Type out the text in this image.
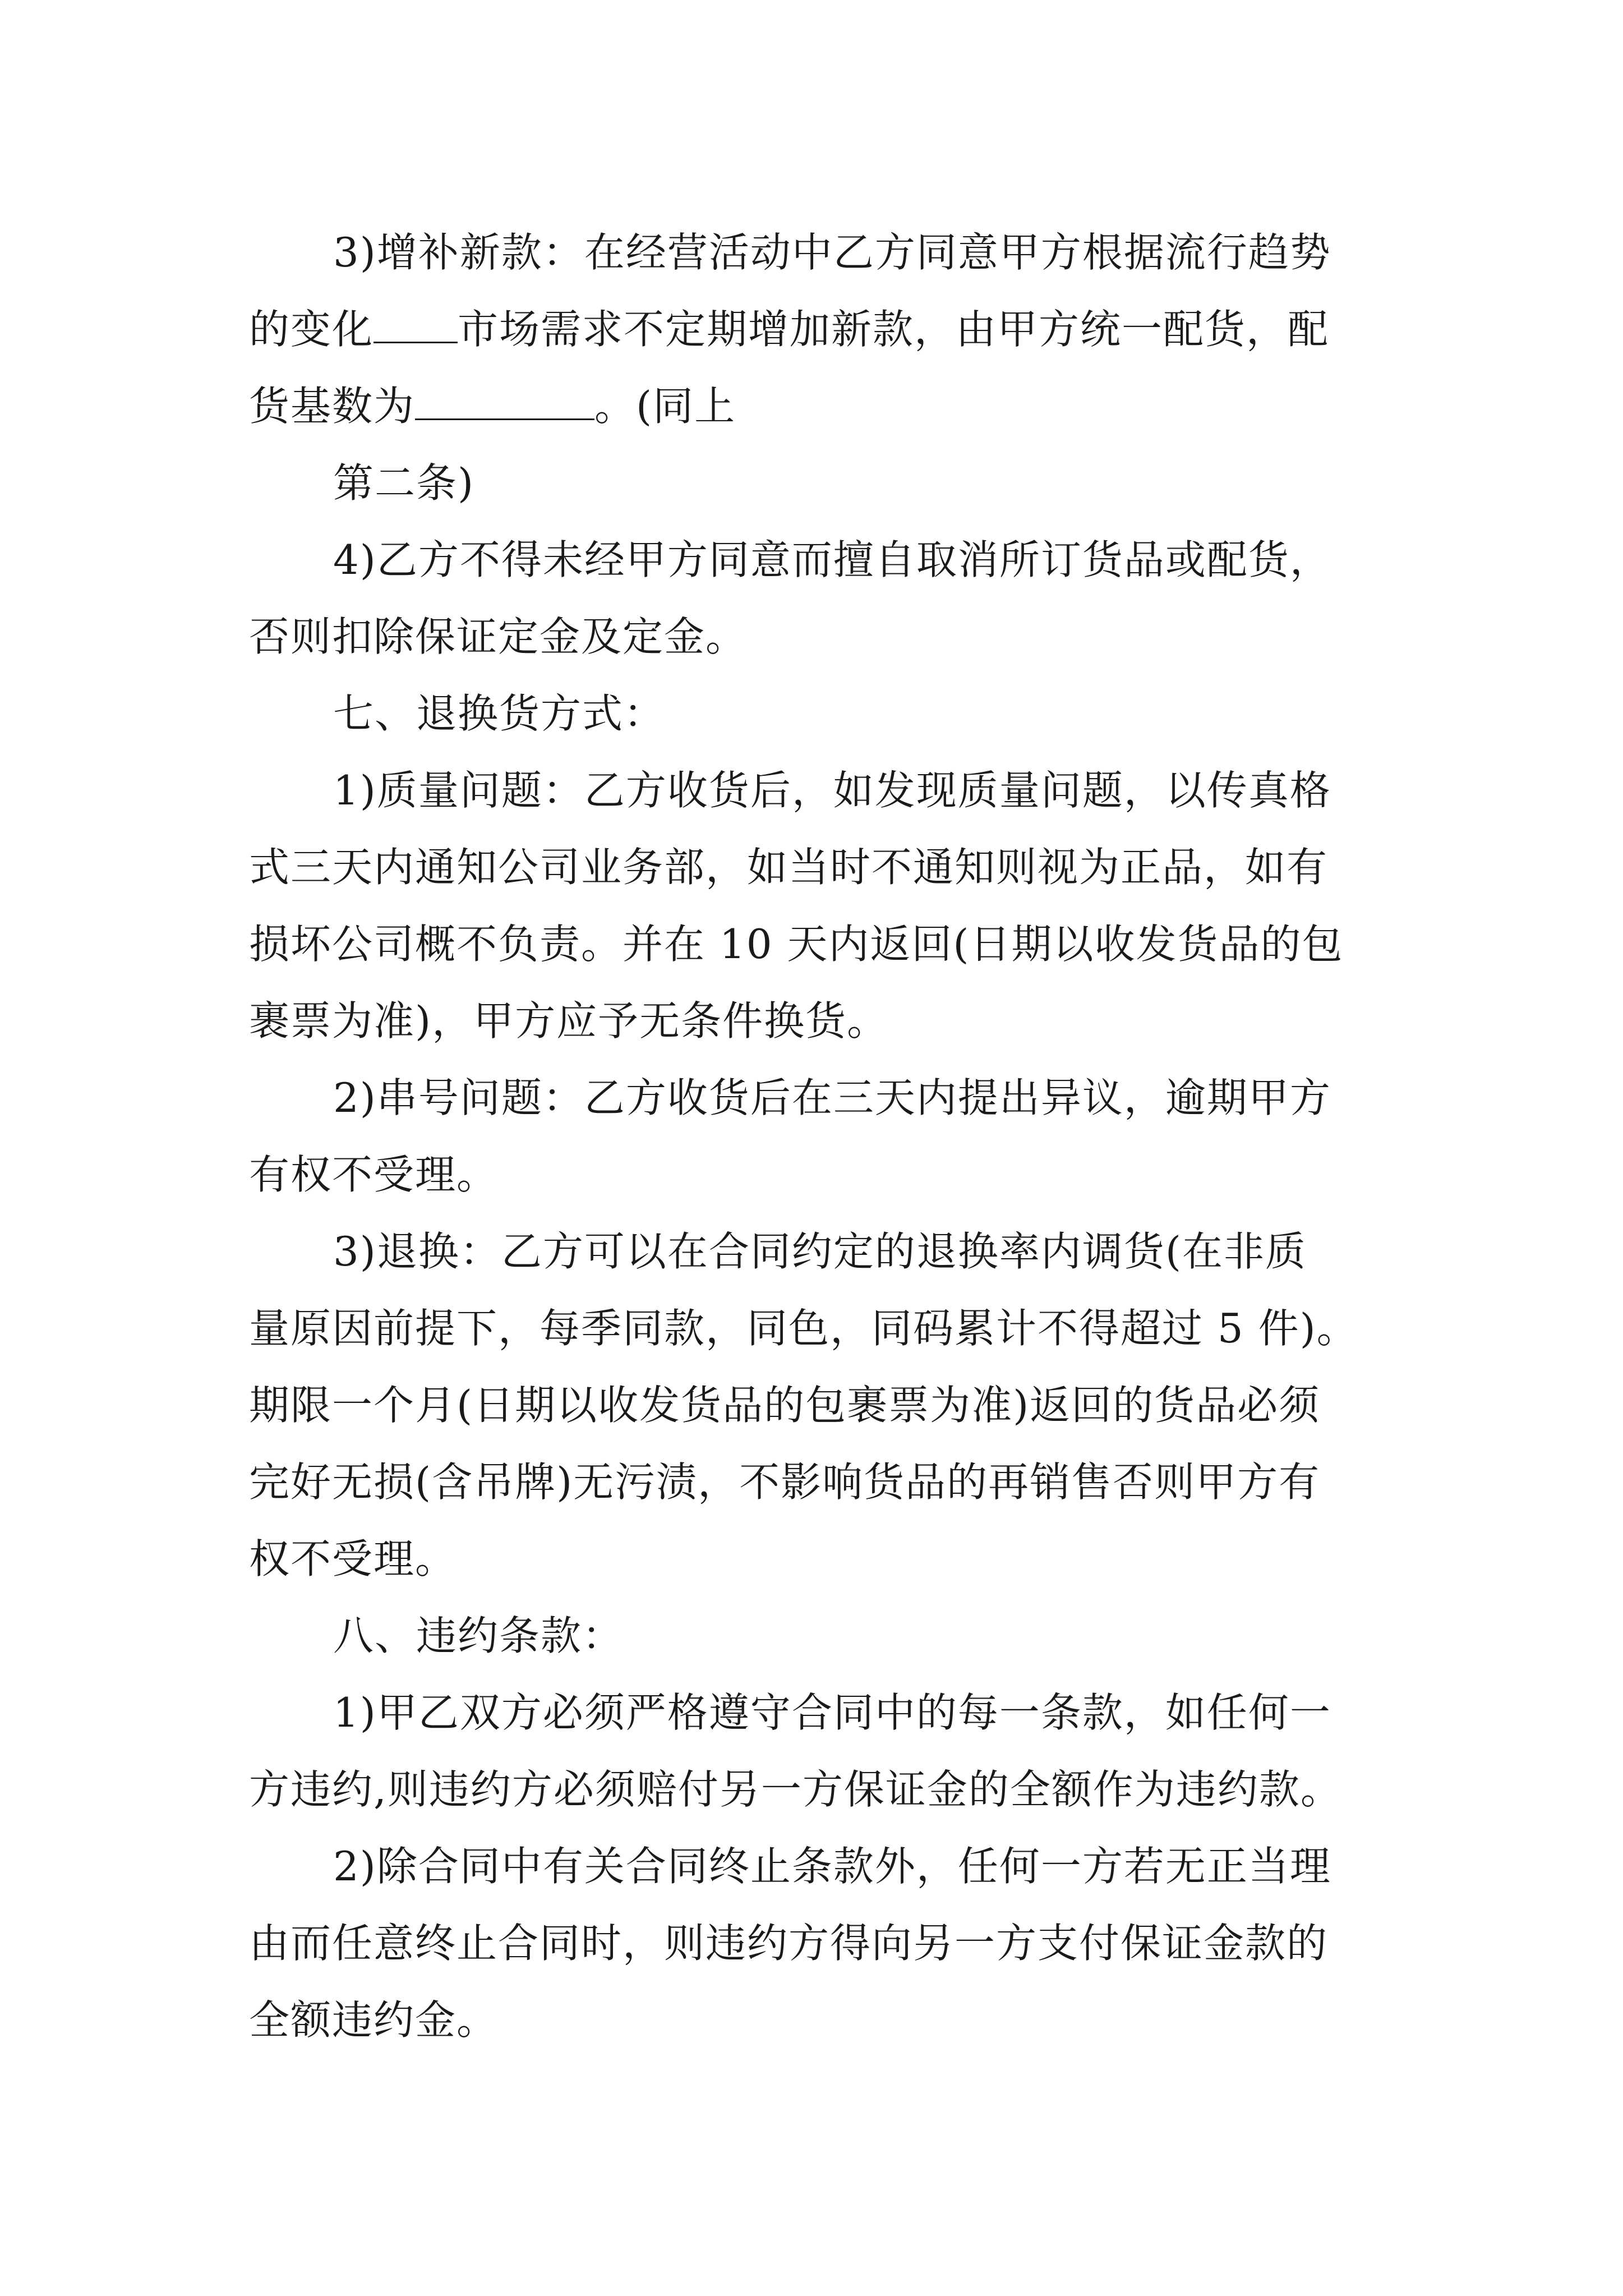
3)增补新款：在经营活动中乙方同意甲方根据流行趋势
的变化 市场需求不定期增加新款，由甲方统一配货，配
货基数为	。(同上
第二条)
4)乙方不得未经甲方同意而擅自取消所订货品或配货，
否则扣除保证定金及定金。
七、退换货方式：
1)质量问题：乙方收货后，如发现质量问题，以传真格
式三天内通知公司业务部，如当时不通知则视为正品，如有
损坏公司概不负责。并在 10 天内返回(日期以收发货品的包
裹票为准)，甲方应予无条件换货。
2)串号问题：乙方收货后在三天内提出异议，逾期甲方
有权不受理。
3)退换：乙方可以在合同约定的退换率内调货(在非质
量原因前提下，每季同款，同色，同码累计不得超过 5 件)。
期限一个月(日期以收发货品的包裹票为准)返回的货品必须
完好无损(含吊牌)无污渍，不影响货品的再销售否则甲方有
权不受理。
八、违约条款：
1)甲乙双方必须严格遵守合同中的每一条款，如任何一
方违约,则违约方必须赔付另一方保证金的全额作为违约款。
2)除合同中有关合同终止条款外，任何一方若无正当理
由而任意终止合同时，则违约方得向另一方支付保证金款的
全额违约金。
